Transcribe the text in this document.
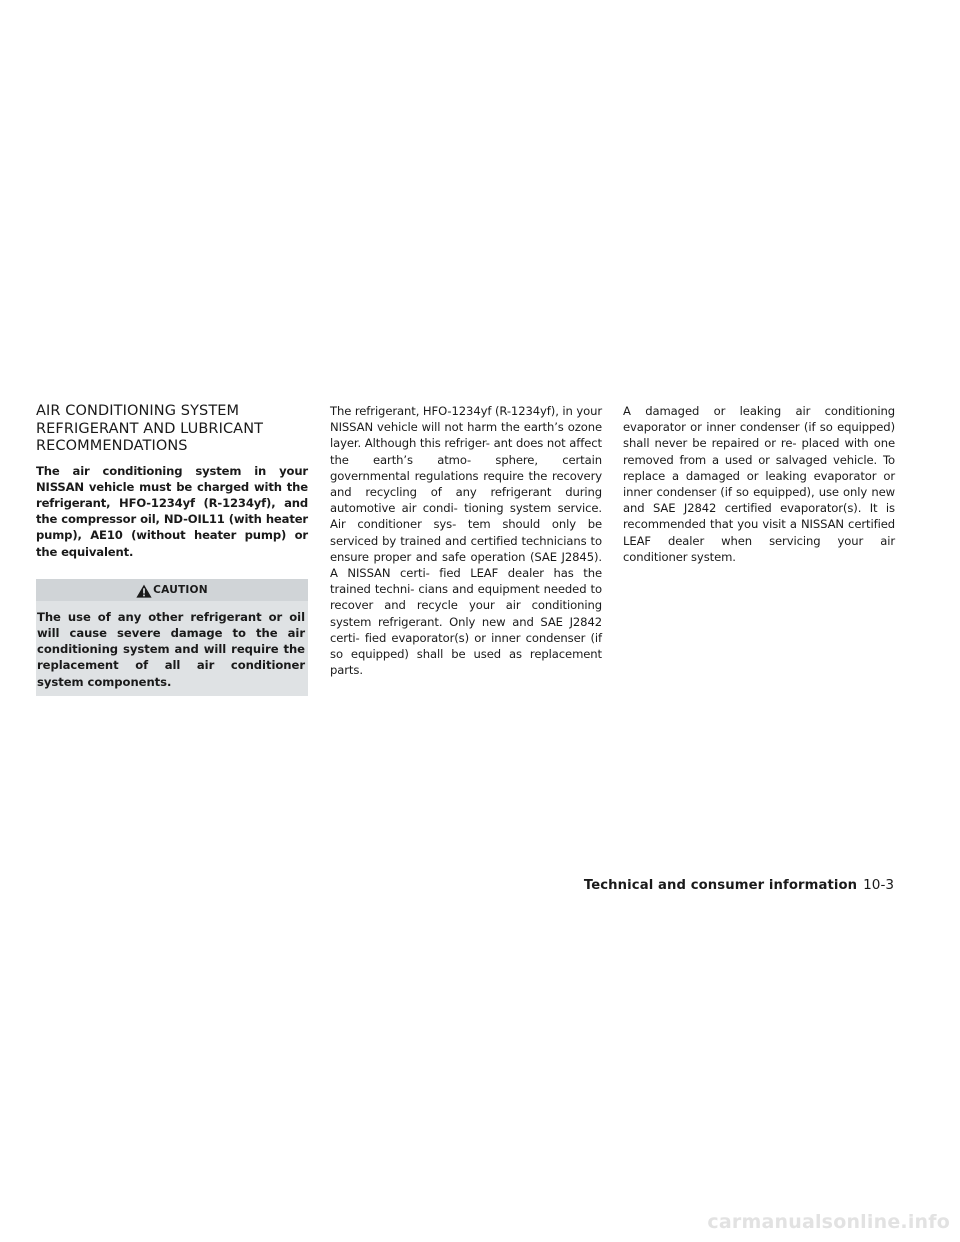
AIR CONDITIONING SYSTEM
REFRIGERANT AND LUBRICANT
RECOMMENDATIONS

The air conditioning system in your NISSAN vehicle must be charged with the refrigerant, HFO-1234yf (R-1234yf), and the compressor oil, ND-OIL11 (with heater pump), AE10 (without heater pump) or the equivalent.

CAUTION

The use of any other refrigerant or oil will cause severe damage to the air conditioning system and will require the replacement of all air conditioner system components.

The refrigerant, HFO-1234yf (R-1234yf), in your NISSAN vehicle will not harm the earth’s ozone layer. Although this refriger- ant does not affect the earth’s atmo- sphere, certain governmental regulations require the recovery and recycling of any refrigerant during automotive air condi- tioning system service. Air conditioner sys- tem should only be serviced by trained and certified technicians to ensure proper and safe operation (SAE J2845). A NISSAN certi- fied LEAF dealer has the trained techni- cians and equipment needed to recover and recycle your air conditioning system refrigerant. Only new and SAE J2842 certi- fied evaporator(s) or inner condenser (if so equipped) shall be used as replacement parts.

A damaged or leaking air conditioning evaporator or inner condenser (if so equipped) shall never be repaired or re- placed with one removed from a used or salvaged vehicle. To replace a damaged or leaking evaporator or inner condenser (if so equipped), use only new and SAE J2842 certified evaporator(s). It is recommended that you visit a NISSAN certified LEAF dealer when servicing your air conditioner system.

Technical and consumer information 10-3
carmanualsonline.info
